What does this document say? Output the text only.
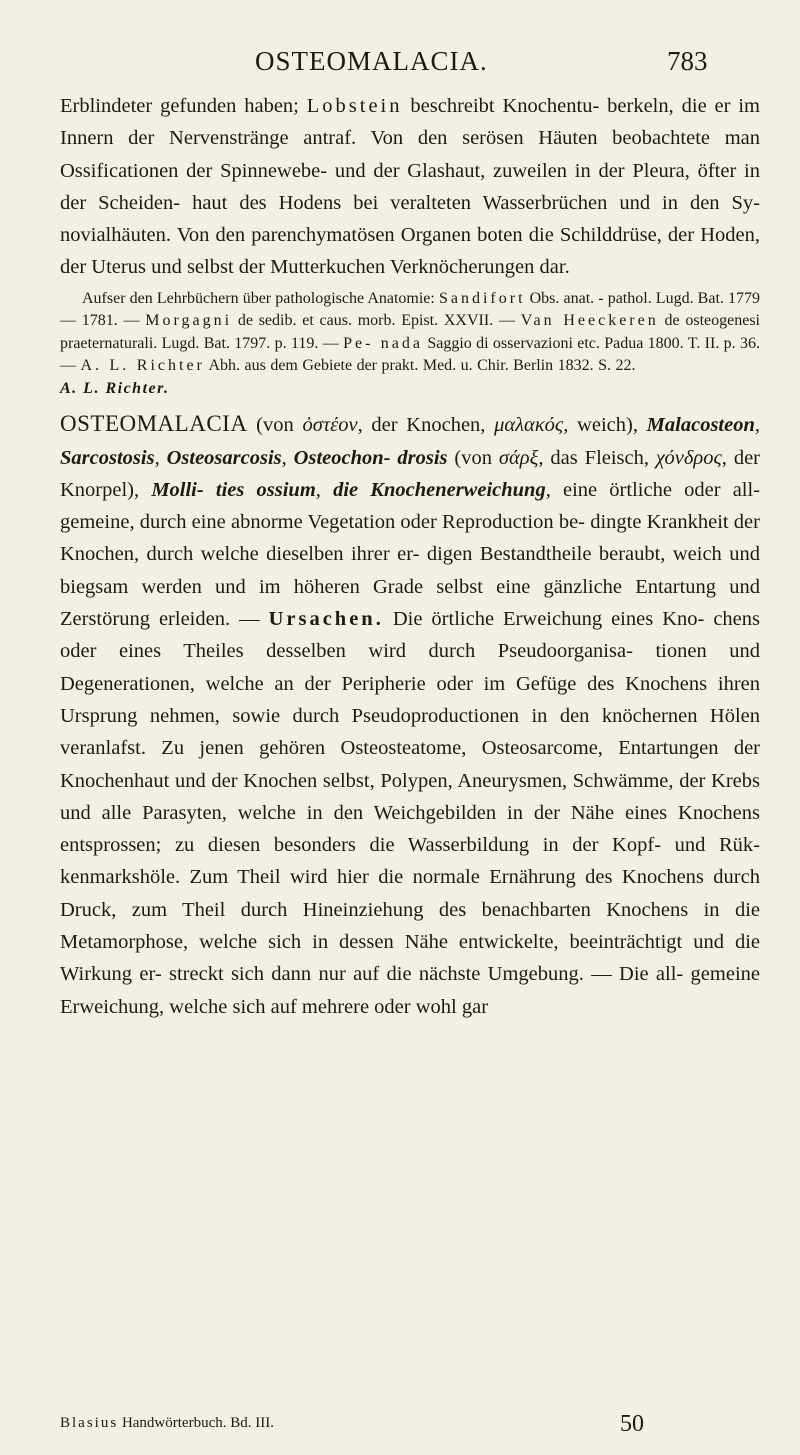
OSTEOMALACIA.	783

Erblindeter gefunden haben; Lobstein beschreibt Knochentu- berkeln, die er im Innern der Nervenstränge antraf. Von den serösen Häuten beobachtete man Ossificationen der Spinnewebe- und der Glashaut, zuweilen in der Pleura, öfter in der Scheiden- haut des Hodens bei veralteten Wasserbrüchen und in den Sy- novialhäuten. Von den parenchymatösen Organen boten die Schilddrüse, der Hoden, der Uterus und selbst der Mutterkuchen Verknöcherungen dar.

Aufser den Lehrbüchern über pathologische Anatomie: Sandifort Obs. anat. - pathol. Lugd. Bat. 1779 — 1781. — Morgagni de sedib. et caus. morb. Epist. XXVII. — Van Heeckeren de osteogenesi praeternaturali. Lugd. Bat. 1797. p. 119. — Pe- nada Saggio di osservazioni etc. Padua 1800. T. II. p. 36. — A. L. Richter Abh. aus dem Gebiete der prakt. Med. u. Chir. Berlin 1832. S. 22. A. L. Richter.

OSTEOMALACIA (von ὀστέον, der Knochen, μαλακός, weich), Malacosteon, Sarcostosis, Osteosarcosis, Osteochon- drosis (von σάρξ, das Fleisch, χόνδρος, der Knorpel), Molli- ties ossium, die Knochenerweichung, eine örtliche oder all- gemeine, durch eine abnorme Vegetation oder Reproduction be- dingte Krankheit der Knochen, durch welche dieselben ihrer er- digen Bestandtheile beraubt, weich und biegsam werden und im höheren Grade selbst eine gänzliche Entartung und Zerstörung erleiden. — Ursachen. Die örtliche Erweichung eines Kno- chens oder eines Theiles desselben wird durch Pseudoorganisa- tionen und Degenerationen, welche an der Peripherie oder im Gefüge des Knochens ihren Ursprung nehmen, sowie durch Pseudoproductionen in den knöchernen Hölen veranlafst. Zu jenen gehören Osteosteatome, Osteosarcome, Entartungen der Knochenhaut und der Knochen selbst, Polypen, Aneurysmen, Schwämme, der Krebs und alle Parasyten, welche in den Weichgebilden in der Nähe eines Knochens entsprossen; zu diesen besonders die Wasserbildung in der Kopf- und Rük- kenmarkshöle. Zum Theil wird hier die normale Ernährung des Knochens durch Druck, zum Theil durch Hineinziehung des benachbarten Knochens in die Metamorphose, welche sich in dessen Nähe entwickelte, beeinträchtigt und die Wirkung er- streckt sich dann nur auf die nächste Umgebung. — Die all- gemeine Erweichung, welche sich auf mehrere oder wohl gar

Blasius Handwörterbuch. Bd. III.	50
